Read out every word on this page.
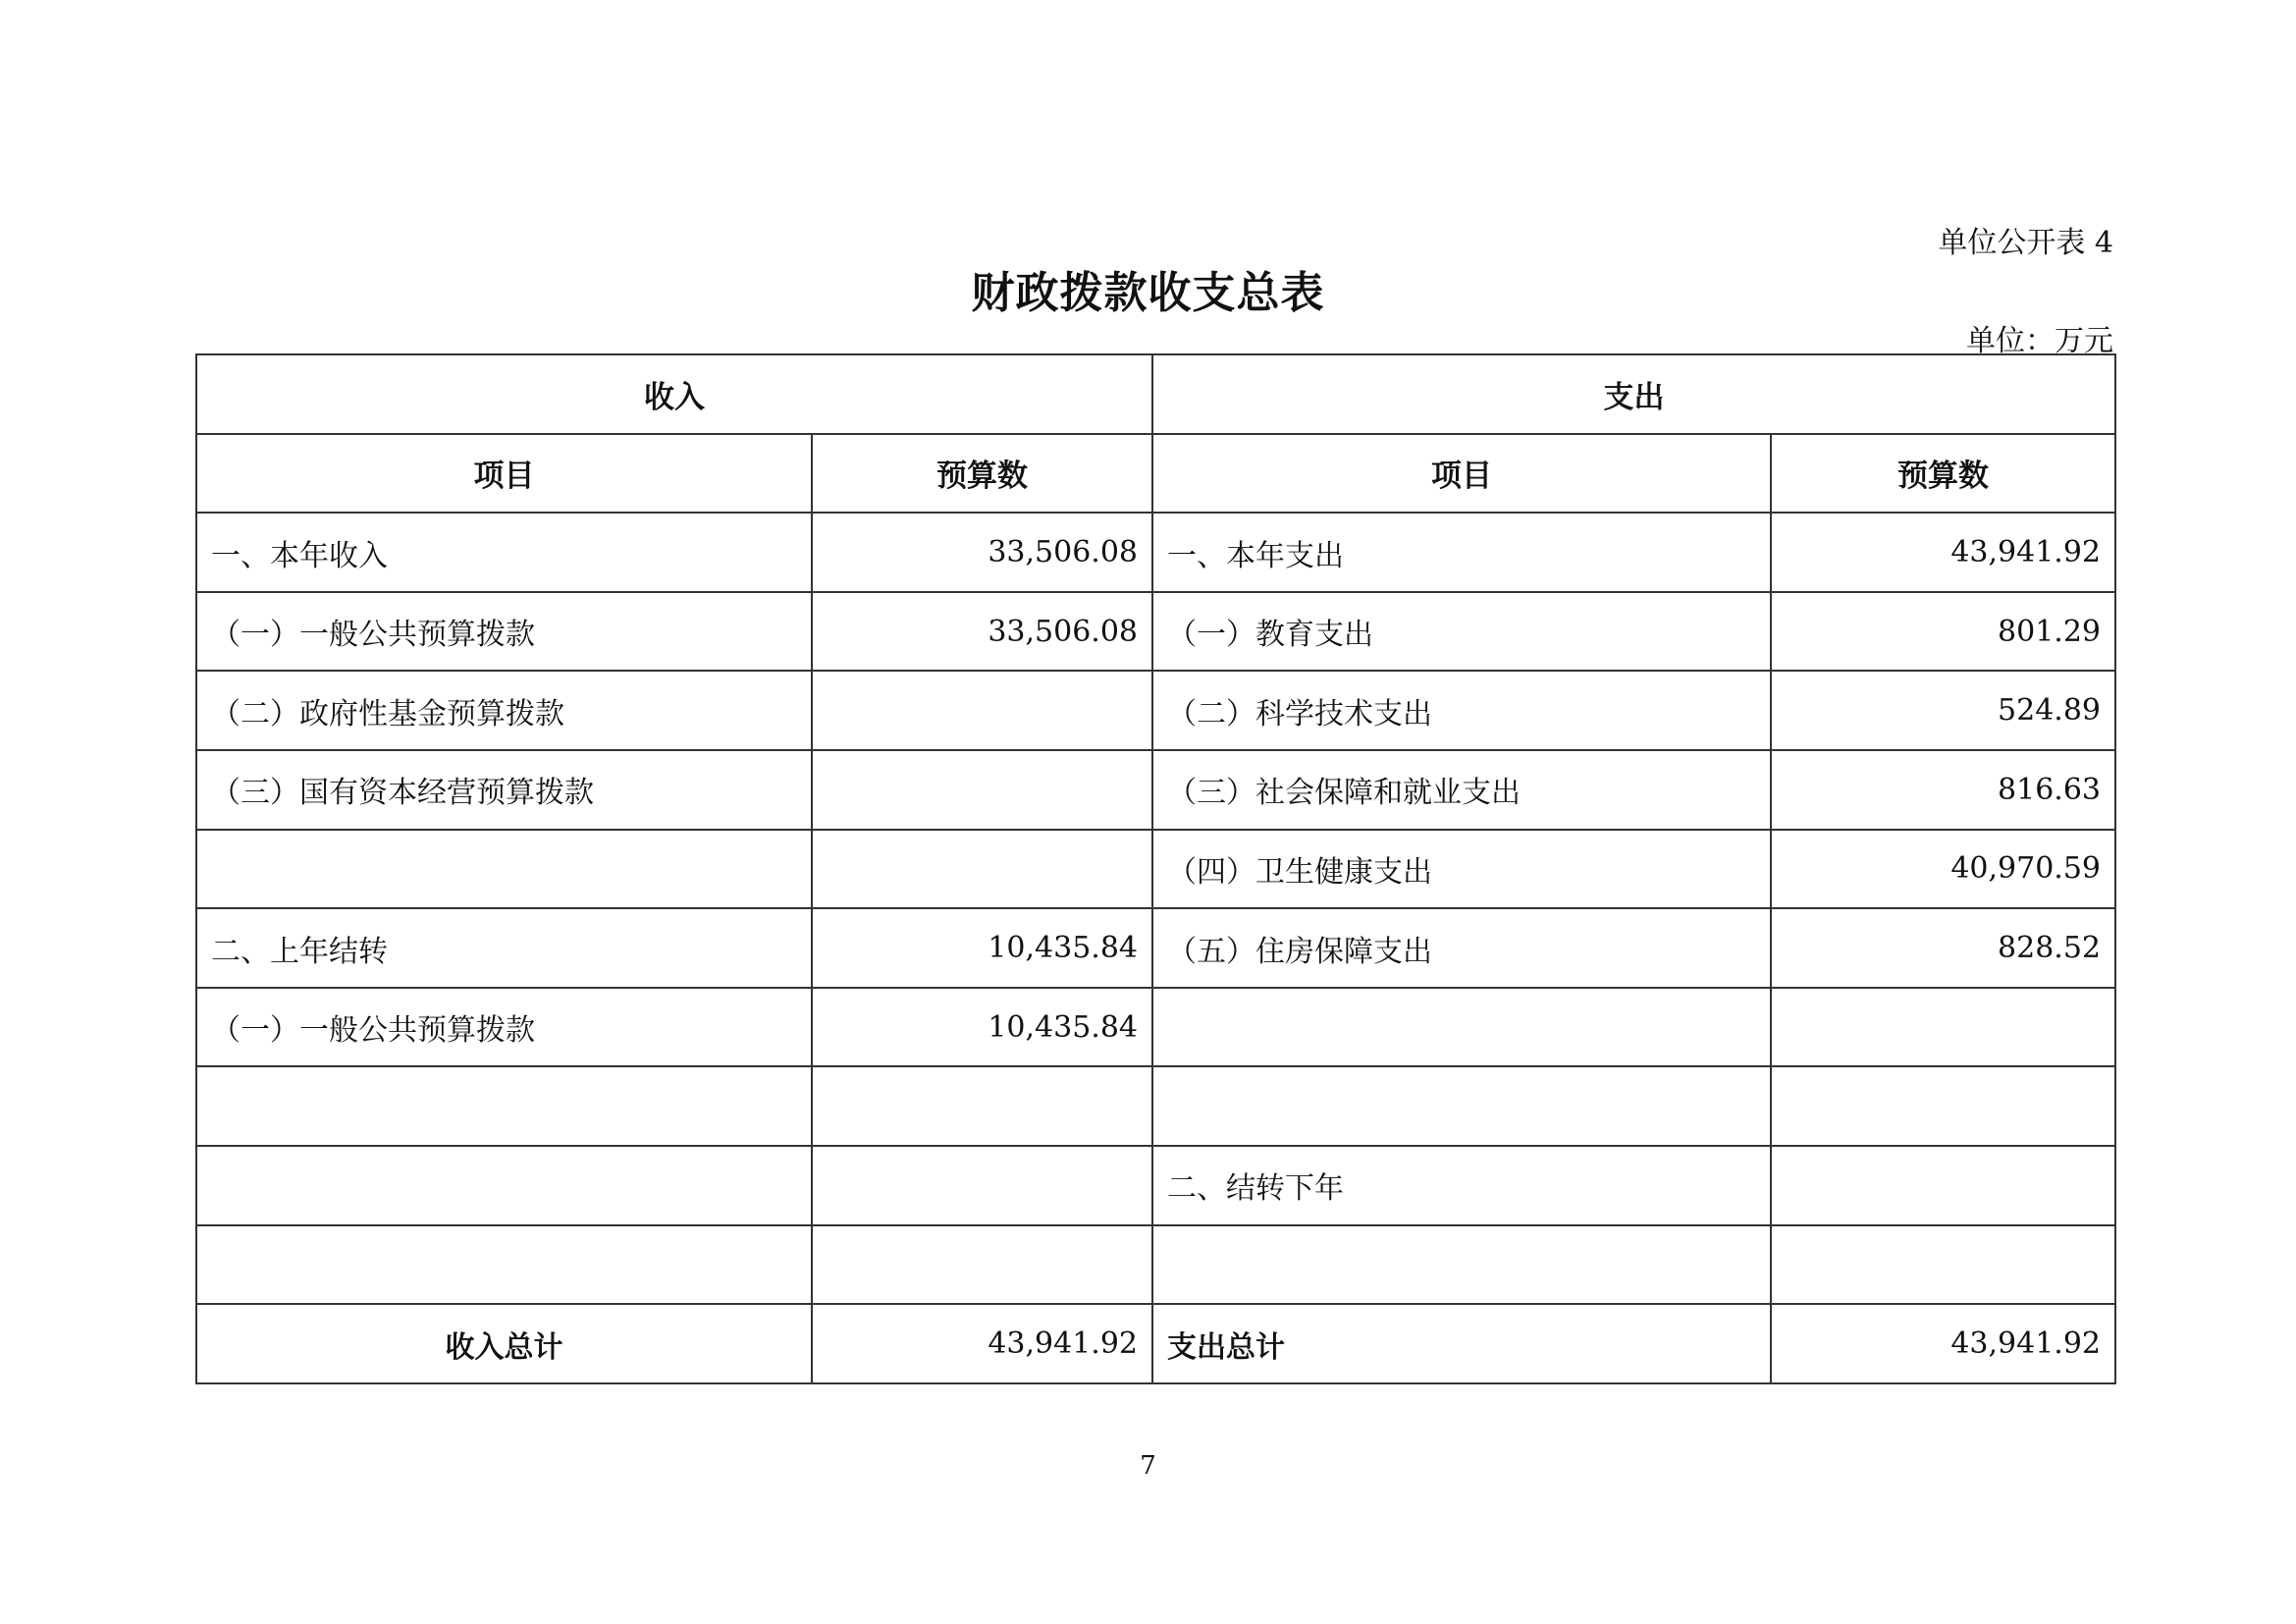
单位公开表 4
财政拨款收支总表
单位：万元
收入		支出	
项目	预算数	项目	预算数
一、本年收入	33,506.08	一、本年支出	43,941.92
（一）一般公共预算拨款	33,506.08	（一）教育支出	801.29
（二）政府性基金预算拨款		（二）科学技术支出	524.89
（三）国有资本经营预算拨款		（三）社会保障和就业支出	816.63
		（四）卫生健康支出	40,970.59
二、上年结转	10,435.84	（五）住房保障支出	828.52
（一）一般公共预算拨款	10,435.84		

		二、结转下年	

收入总计	43,941.92	支出总计	43,941.92
7
